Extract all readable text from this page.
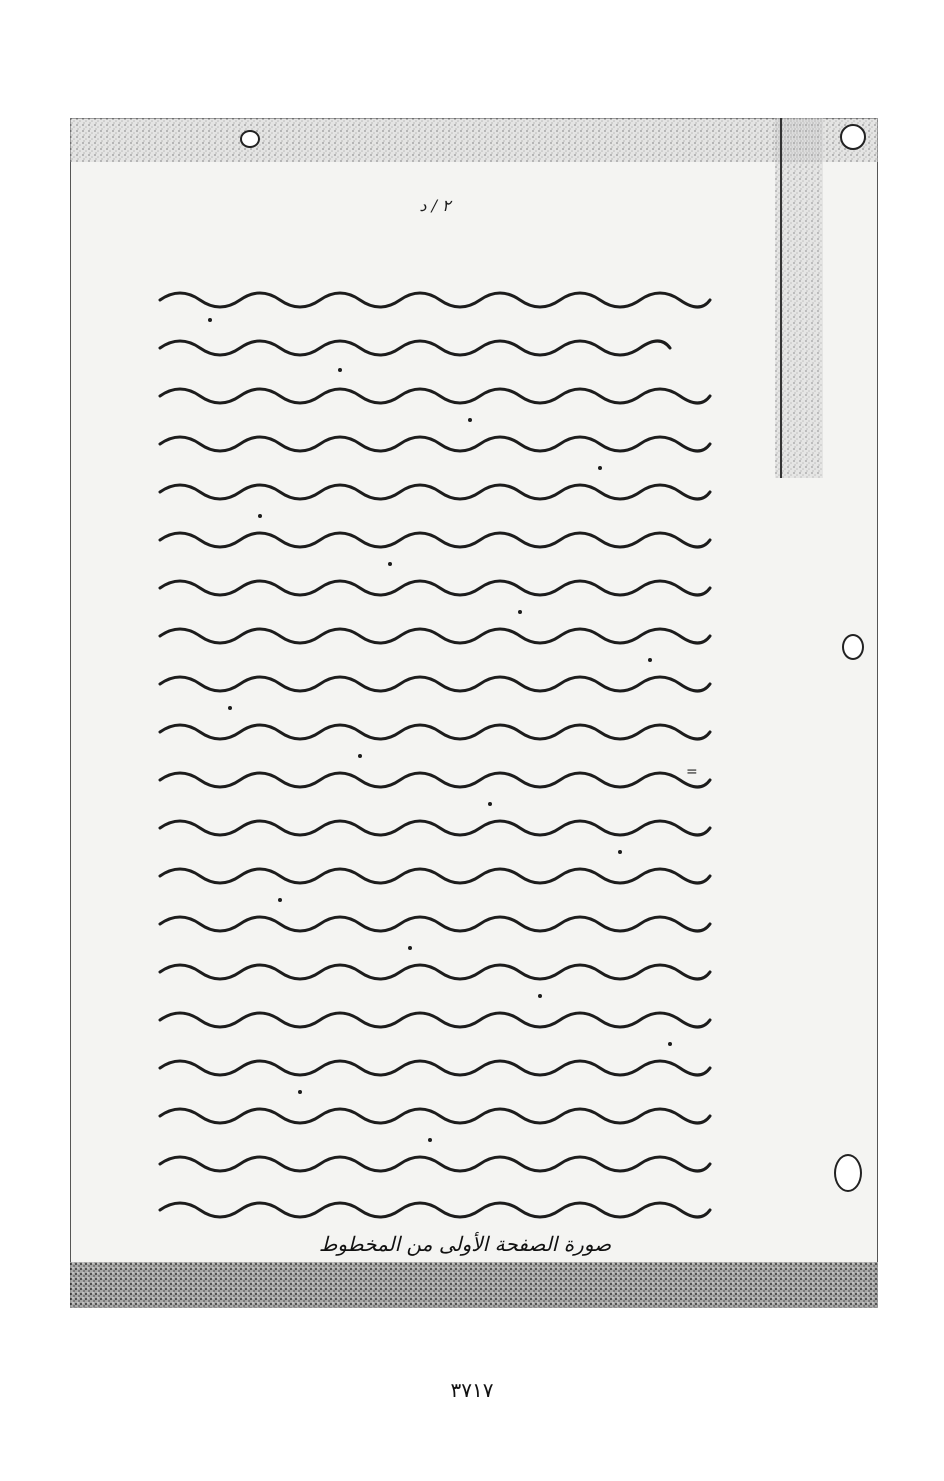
٢ / د
=
صورة الصفحة الأولى من المخطوط
٣٧١٧
